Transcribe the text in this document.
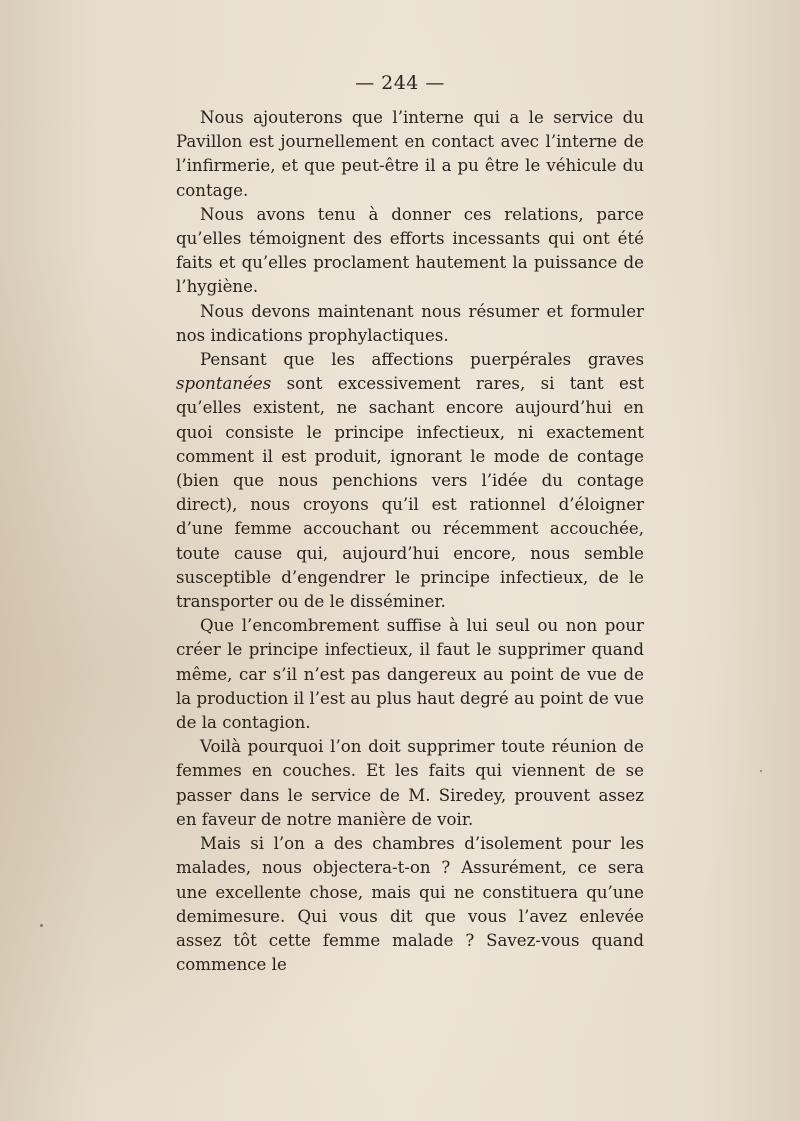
— 244 —

Nous ajouterons que l’interne qui a le service du Pavillon est journellement en contact avec l’interne de l’infirmerie, et que peut-être il a pu être le véhicule du contage.

Nous avons tenu à donner ces relations, parce qu’elles témoignent des efforts incessants qui ont été faits et qu’elles proclament hautement la puissance de l’hygiène.

Nous devons maintenant nous résumer et formuler nos indications prophylactiques.

Pensant que les affections puerpérales graves spontanées sont excessivement rares, si tant est qu’elles existent, ne sachant encore aujourd’hui en quoi consiste le principe infectieux, ni exactement comment il est produit, ignorant le mode de contage (bien que nous penchions vers l’idée du contage direct), nous croyons qu’il est rationnel d’éloigner d’une femme accouchant ou récemment accouchée, toute cause qui, aujourd’hui encore, nous semble susceptible d’engendrer le principe infectieux, de le transporter ou de le disséminer.

Que l’encombrement suffise à lui seul ou non pour créer le principe infectieux, il faut le supprimer quand même, car s’il n’est pas dangereux au point de vue de la production il l’est au plus haut degré au point de vue de la contagion.

Voilà pourquoi l’on doit supprimer toute réunion de femmes en couches. Et les faits qui viennent de se passer dans le service de M. Siredey, prouvent assez en faveur de notre manière de voir.

Mais si l’on a des chambres d’isolement pour les malades, nous objectera-t-on ? Assurément, ce sera une excellente chose, mais qui ne constituera qu’une demimesure. Qui vous dit que vous l’avez enlevée assez tôt cette femme malade ? Savez-vous quand commence le
